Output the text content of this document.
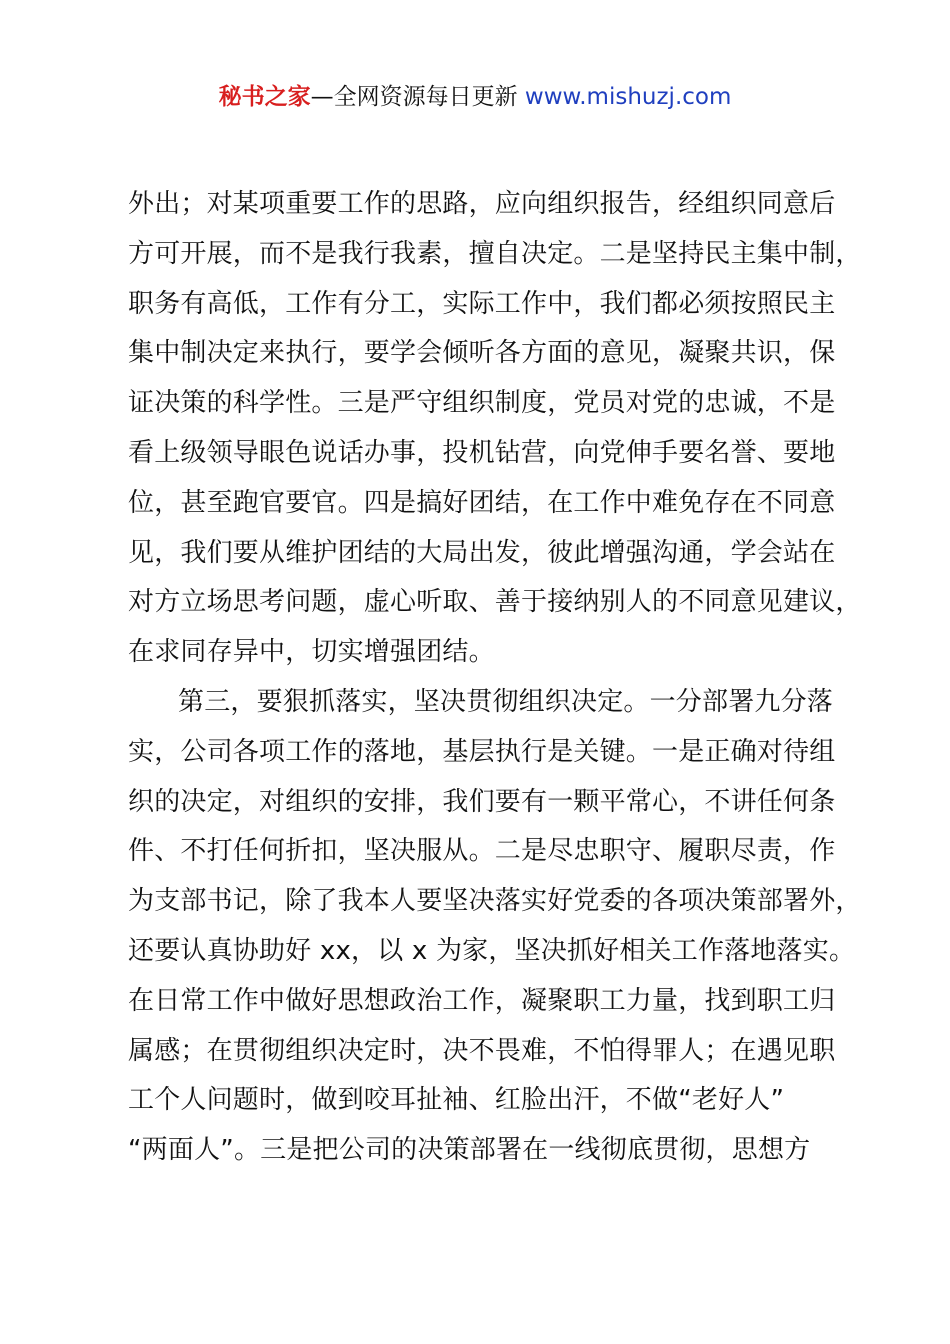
秘书之家—全网资源每日更新 www.mishuzj.com
外出；对某项重要工作的思路，应向组织报告，经组织同意后
方可开展，而不是我行我素，擅自决定。二是坚持民主集中制，
职务有高低，工作有分工，实际工作中，我们都必须按照民主
集中制决定来执行，要学会倾听各方面的意见，凝聚共识，保
证决策的科学性。三是严守组织制度，党员对党的忠诚，不是
看上级领导眼色说话办事，投机钻营，向党伸手要名誉、要地
位，甚至跑官要官。四是搞好团结，在工作中难免存在不同意
见，我们要从维护团结的大局出发，彼此增强沟通，学会站在
对方立场思考问题，虚心听取、善于接纳别人的不同意见建议，
在求同存异中，切实增强团结。
第三，要狠抓落实，坚决贯彻组织决定。一分部署九分落
实，公司各项工作的落地，基层执行是关键。一是正确对待组
织的决定，对组织的安排，我们要有一颗平常心，不讲任何条
件、不打任何折扣，坚决服从。二是尽忠职守、履职尽责，作
为支部书记，除了我本人要坚决落实好党委的各项决策部署外，
还要认真协助好 xx，以 x 为家，坚决抓好相关工作落地落实。
在日常工作中做好思想政治工作，凝聚职工力量，找到职工归
属感；在贯彻组织决定时，决不畏难，不怕得罪人；在遇见职
工个人问题时，做到咬耳扯袖、红脸出汗，不做“老好人”
“两面人”。三是把公司的决策部署在一线彻底贯彻，思想方
